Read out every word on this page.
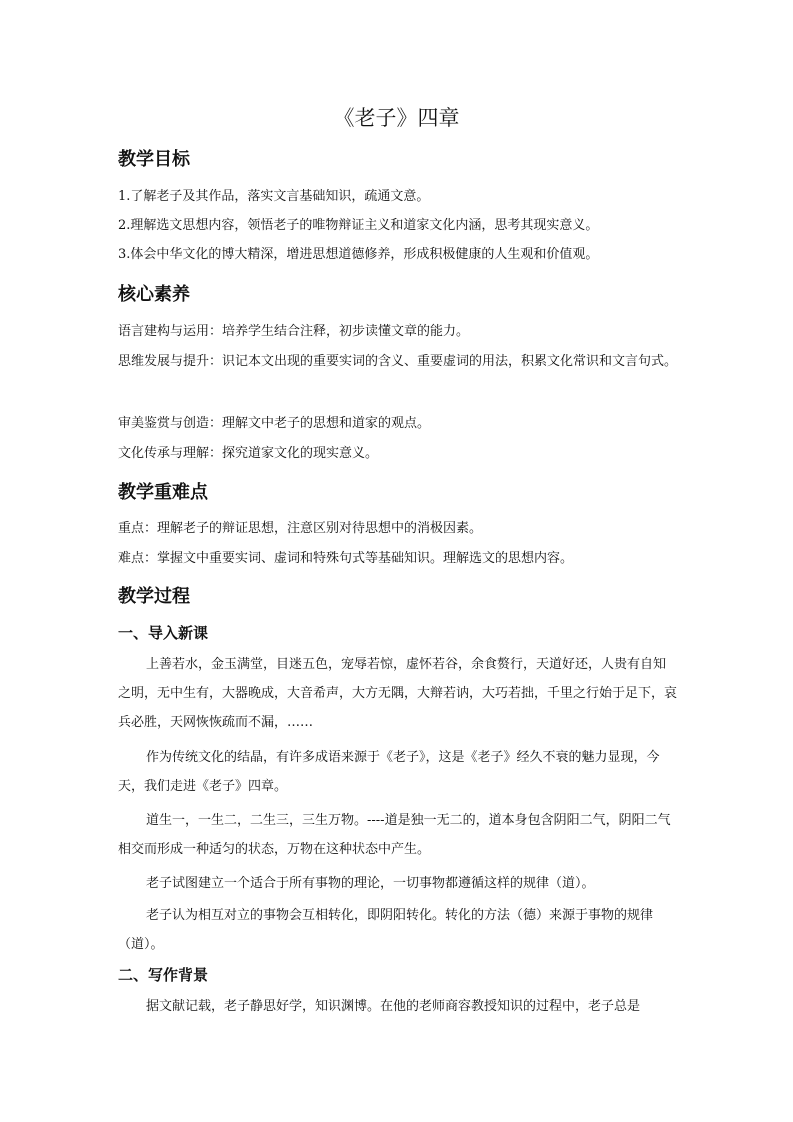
《老子》四章
教学目标
1.了解老子及其作品，落实文言基础知识，疏通文意。
2.理解选文思想内容，领悟老子的唯物辩证主义和道家文化内涵，思考其现实意义。
3.体会中华文化的博大精深，增进思想道德修养，形成积极健康的人生观和价值观。
核心素养
语言建构与运用：培养学生结合注释，初步读懂文章的能力。
思维发展与提升：识记本文出现的重要实词的含义、重要虚词的用法，积累文化常识和文言句式。
审美鉴赏与创造：理解文中老子的思想和道家的观点。
文化传承与理解：探究道家文化的现实意义。
教学重难点
重点：理解老子的辩证思想，注意区别对待思想中的消极因素。
难点：掌握文中重要实词、虚词和特殊句式等基础知识。理解选文的思想内容。
教学过程
一、导入新课
上善若水，金玉满堂，目迷五色，宠辱若惊，虚怀若谷，余食赘行，天道好还，人贵有自知之明，无中生有，大器晚成，大音希声，大方无隅，大辩若讷，大巧若拙，千里之行始于足下，哀兵必胜，天网恢恢疏而不漏，……
作为传统文化的结晶，有许多成语来源于《老子》，这是《老子》经久不衰的魅力显现，今天，我们走进《老子》四章。
道生一，一生二，二生三，三生万物。----道是独一无二的，道本身包含阴阳二气，阴阳二气相交而形成一种适匀的状态，万物在这种状态中产生。
老子试图建立一个适合于所有事物的理论，一切事物都遵循这样的规律（道）。
老子认为相互对立的事物会互相转化，即阴阳转化。转化的方法（德）来源于事物的规律（道）。
二、写作背景
据文献记载，老子静思好学，知识渊博。在他的老师商容教授知识的过程中，老子总是
